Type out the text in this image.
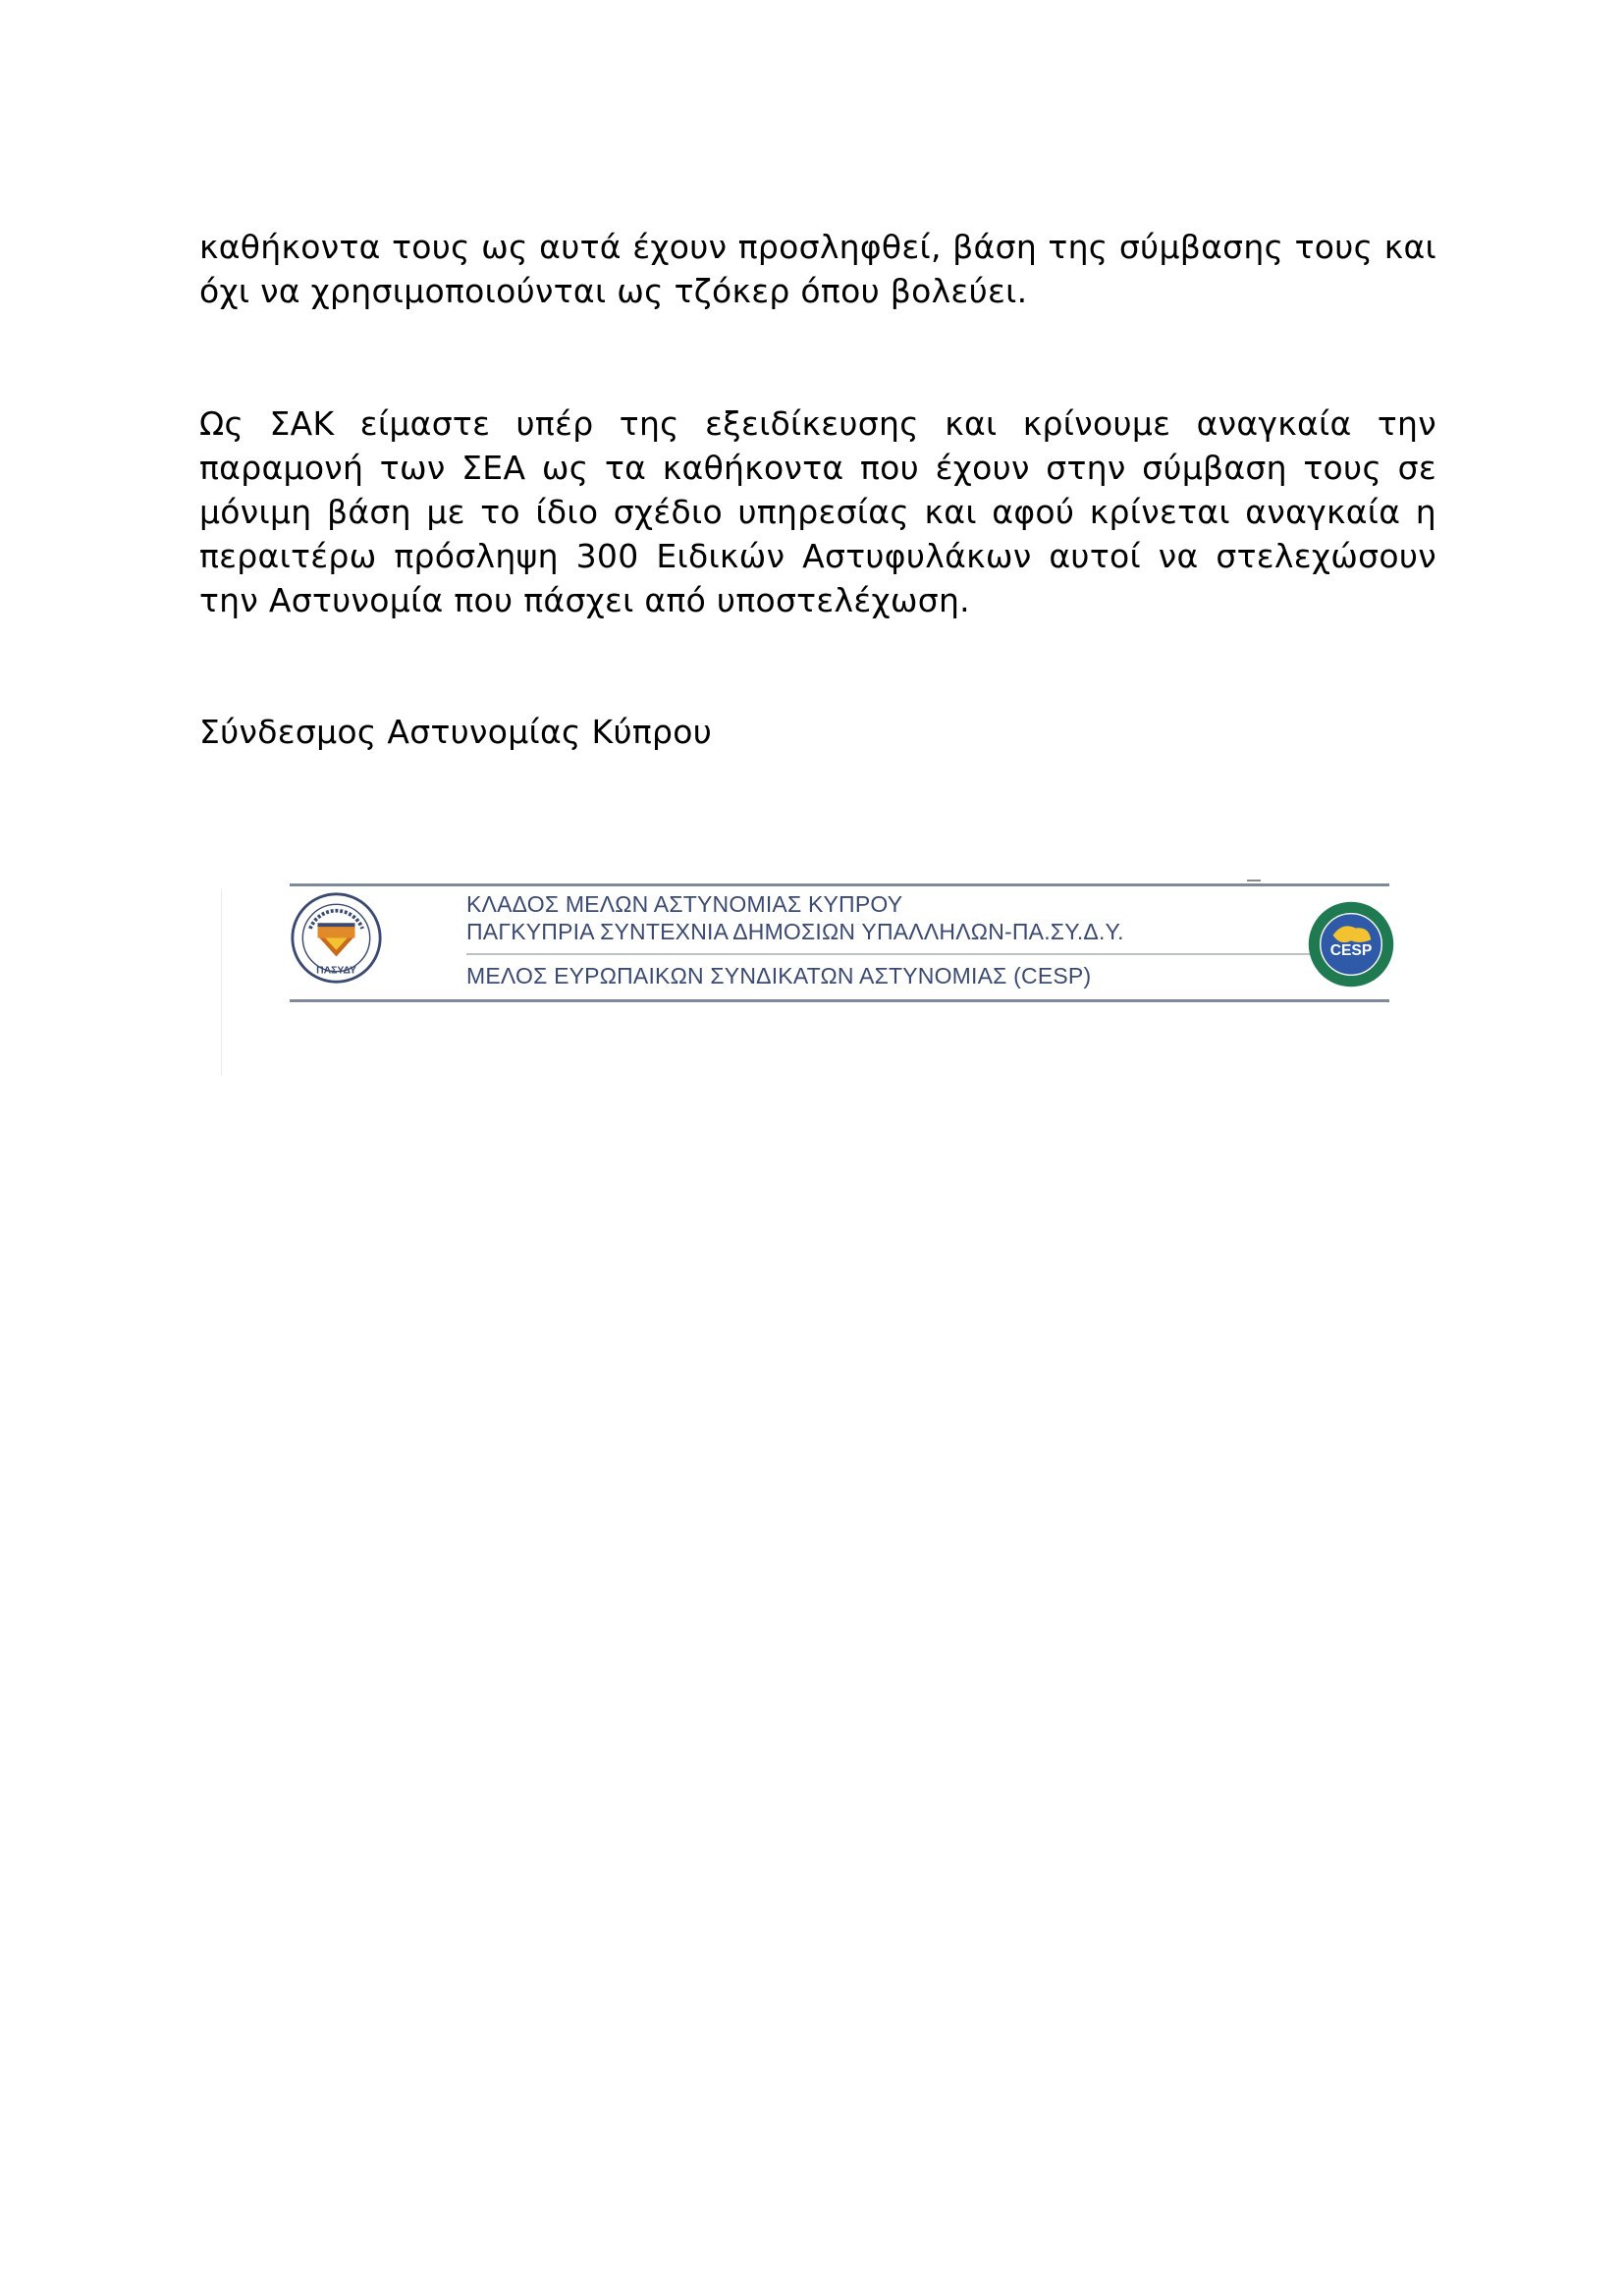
καθήκοντα τους ως αυτά έχουν προσληφθεί, βάση της σύμβασης τους και όχι να χρησιμοποιούνται ως τζόκερ όπου βολεύει.

Ως ΣΑΚ είμαστε υπέρ της εξειδίκευσης και κρίνουμε αναγκαία την παραμονή των ΣΕΑ ως τα καθήκοντα που έχουν στην σύμβαση τους σε μόνιμη βάση με το ίδιο σχέδιο υπηρεσίας και αφού κρίνεται αναγκαία η περαιτέρω πρόσληψη 300 Ειδικών Αστυφυλάκων αυτοί να στελεχώσουν την Αστυνομία που πάσχει από υποστελέχωση.

Σύνδεσμος Αστυνομίας Κύπρου

ΠΑΣΥΔΥ
ΚΛΑΔΟΣ ΜΕΛΩΝ ΑΣΤΥΝΟΜΙΑΣ ΚΥΠΡΟΥ
ΠΑΓΚΥΠΡΙΑ ΣΥΝΤΕΧΝΙΑ ΔΗΜΟΣΙΩΝ ΥΠΑΛΛΗΛΩΝ-ΠΑ.ΣΥ.Δ.Υ.
ΜΕΛΟΣ ΕΥΡΩΠΑΙΚΩΝ ΣΥΝΔΙΚΑΤΩΝ ΑΣΤΥΝΟΜΙΑΣ (CESP)
CESP
